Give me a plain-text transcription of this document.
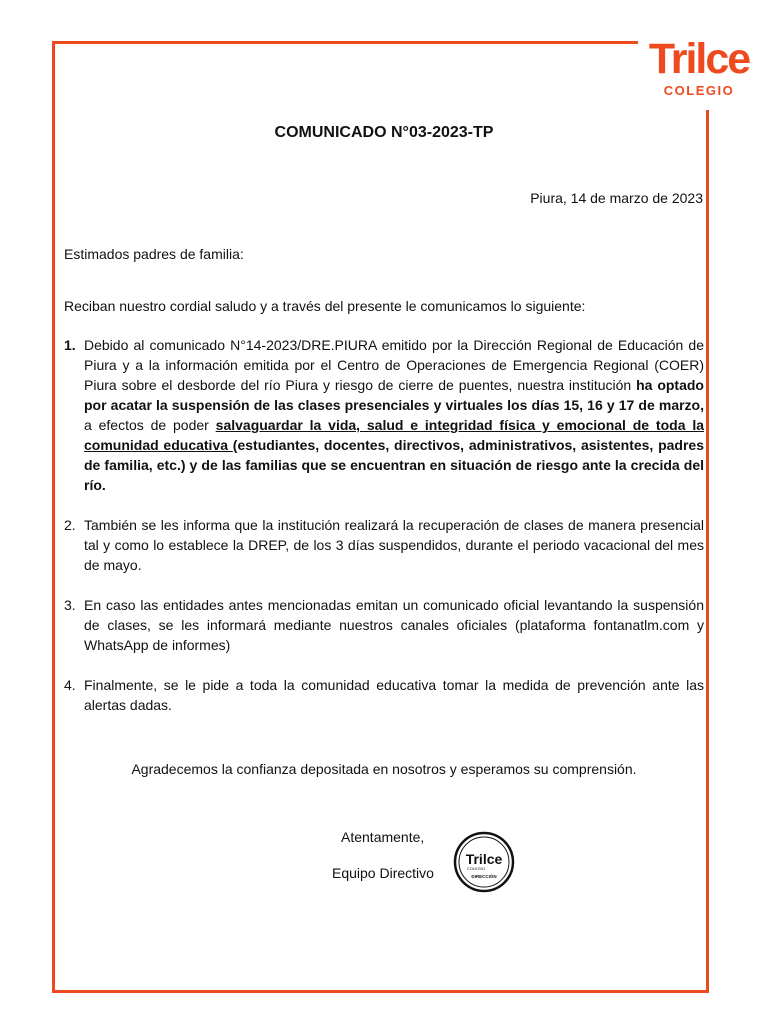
Trilce
COLEGIO
COMUNICADO N°03-2023-TP
Piura, 14 de marzo de 2023
Estimados padres de familia:
Reciban nuestro cordial saludo y a través del presente le comunicamos lo siguiente:
1. Debido al comunicado N°14-2023/DRE.PIURA emitido por la Dirección Regional de Educación de Piura y a la información emitida por el Centro de Operaciones de Emergencia Regional (COER) Piura sobre el desborde del río Piura y riesgo de cierre de puentes, nuestra institución ha optado por acatar la suspensión de las clases presenciales y virtuales los días 15, 16 y 17 de marzo, a efectos de poder salvaguardar la vida, salud e integridad física y emocional de toda la comunidad educativa (estudiantes, docentes, directivos, administrativos, asistentes, padres de familia, etc.) y de las familias que se encuentran en situación de riesgo ante la crecida del río.
2. También se les informa que la institución realizará la recuperación de clases de manera presencial tal y como lo establece la DREP, de los 3 días suspendidos, durante el periodo vacacional del mes de mayo.
3. En caso las entidades antes mencionadas emitan un comunicado oficial levantando la suspensión de clases, se les informará mediante nuestros canales oficiales (plataforma fontanatlm.com y WhatsApp de informes)
4. Finalmente, se le pide a toda la comunidad educativa tomar la medida de prevención ante las alertas dadas.
Agradecemos la confianza depositada en nosotros y esperamos su comprensión.
Atentamente,
Equipo Directivo
Trilce
COLEGIO
DIRECCIÓN
